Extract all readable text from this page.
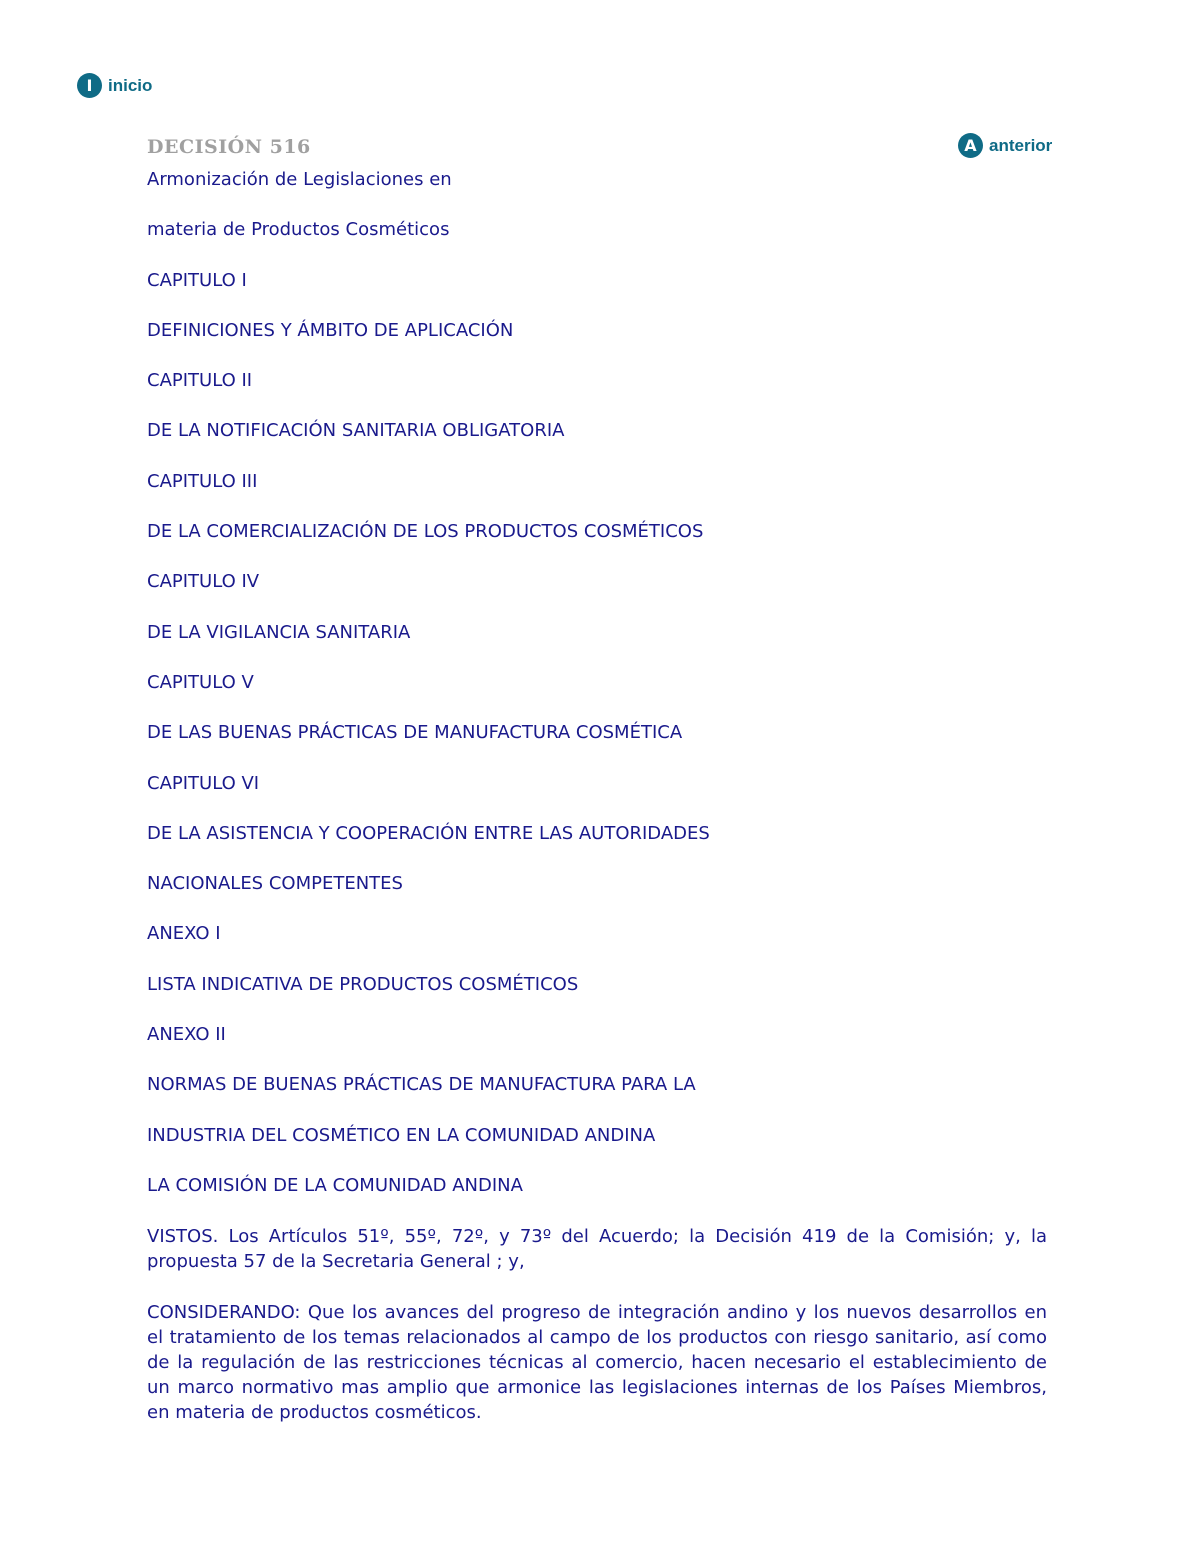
I inicio
A anterior
DECISIÓN 516
Armonización de Legislaciones en
materia de Productos Cosméticos
CAPITULO I
DEFINICIONES Y ÁMBITO DE APLICACIÓN
CAPITULO II
DE LA NOTIFICACIÓN SANITARIA OBLIGATORIA
CAPITULO III
DE LA COMERCIALIZACIÓN DE LOS PRODUCTOS COSMÉTICOS
CAPITULO IV
DE LA VIGILANCIA SANITARIA
CAPITULO V
DE LAS BUENAS PRÁCTICAS DE MANUFACTURA COSMÉTICA
CAPITULO VI
DE LA ASISTENCIA Y COOPERACIÓN ENTRE LAS AUTORIDADES
NACIONALES COMPETENTES
ANEXO I
LISTA INDICATIVA DE PRODUCTOS COSMÉTICOS
ANEXO II
NORMAS DE BUENAS PRÁCTICAS DE MANUFACTURA PARA LA
INDUSTRIA DEL COSMÉTICO EN LA COMUNIDAD ANDINA
LA COMISIÓN DE LA COMUNIDAD ANDINA

VISTOS. Los Artículos 51º, 55º, 72º, y 73º del Acuerdo; la Decisión 419 de la Comisión; y, la propuesta 57 de la Secretaria General ; y,

CONSIDERANDO: Que los avances del progreso de integración andino y los nuevos desarrollos en el tratamiento de los temas relacionados al campo de los productos con riesgo sanitario, así como de la regulación de las restricciones técnicas al comercio, hacen necesario el establecimiento de un marco normativo mas amplio que armonice las legislaciones internas de los Países Miembros, en materia de productos cosméticos.
